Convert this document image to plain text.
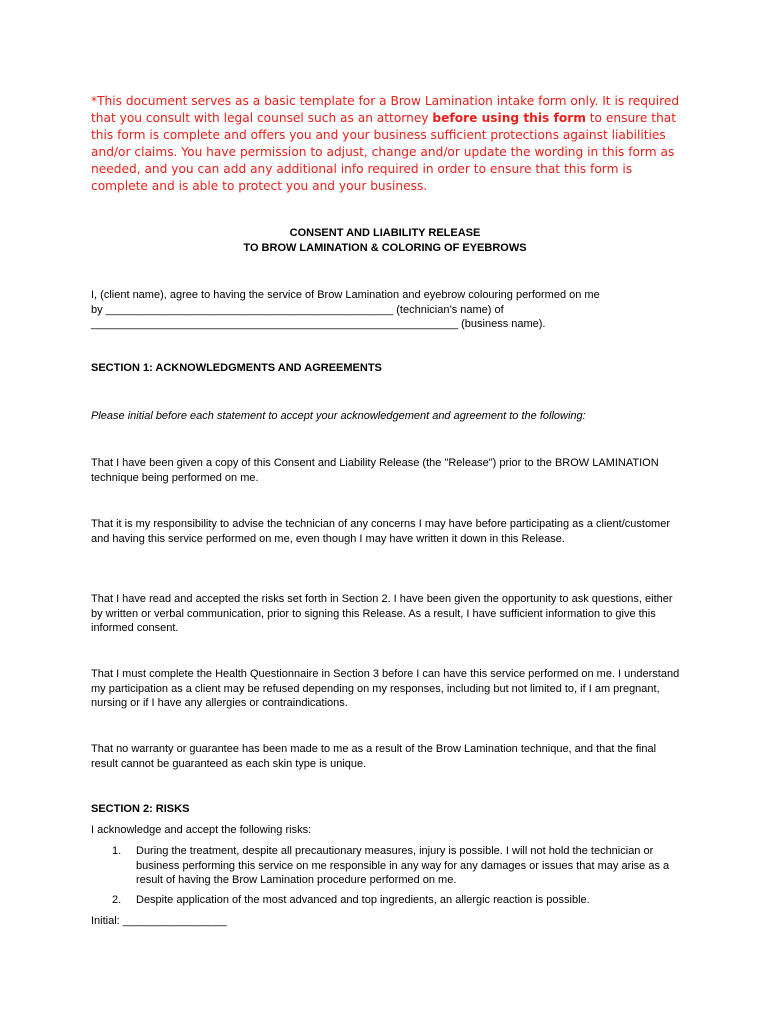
*This document serves as a basic template for a Brow Lamination intake form only. It is required that you consult with legal counsel such as an attorney before using this form to ensure that this form is complete and offers you and your business sufficient protections against liabilities and/or claims. You have permission to adjust, change and/or update the wording in this form as needed, and you can add any additional info required in order to ensure that this form is complete and is able to protect you and your business.
CONSENT AND LIABILITY RELEASE
TO BROW LAMINATION & COLORING OF EYEBROWS
I, (client name), agree to having the service of Brow Lamination and eyebrow colouring performed on me
by _______________________________________________ (technician’s name) of
____________________________________________________________ (business name).
SECTION 1: ACKNOWLEDGMENTS AND AGREEMENTS
Please initial before each statement to accept your acknowledgement and agreement to the following:
That I have been given a copy of this Consent and Liability Release (the "Release") prior to the BROW LAMINATION technique being performed on me.
That it is my responsibility to advise the technician of any concerns I may have before participating as a client/customer and having this service performed on me, even though I may have written it down in this Release.
That I have read and accepted the risks set forth in Section 2. I have been given the opportunity to ask questions, either by written or verbal communication, prior to signing this Release. As a result, I have sufficient information to give this informed consent.
That I must complete the Health Questionnaire in Section 3 before I can have this service performed on me. I understand my participation as a client may be refused depending on my responses, including but not limited to, if I am pregnant, nursing or if I have any allergies or contraindications.
That no warranty or guarantee has been made to me as a result of the Brow Lamination technique, and that the final result cannot be guaranteed as each skin type is unique.
SECTION 2: RISKS
I acknowledge and accept the following risks:
1. During the treatment, despite all precautionary measures, injury is possible. I will not hold the technician or business performing this service on me responsible in any way for any damages or issues that may arise as a result of having the Brow Lamination procedure performed on me.
2. Despite application of the most advanced and top ingredients, an allergic reaction is possible.
Initial: _________________
